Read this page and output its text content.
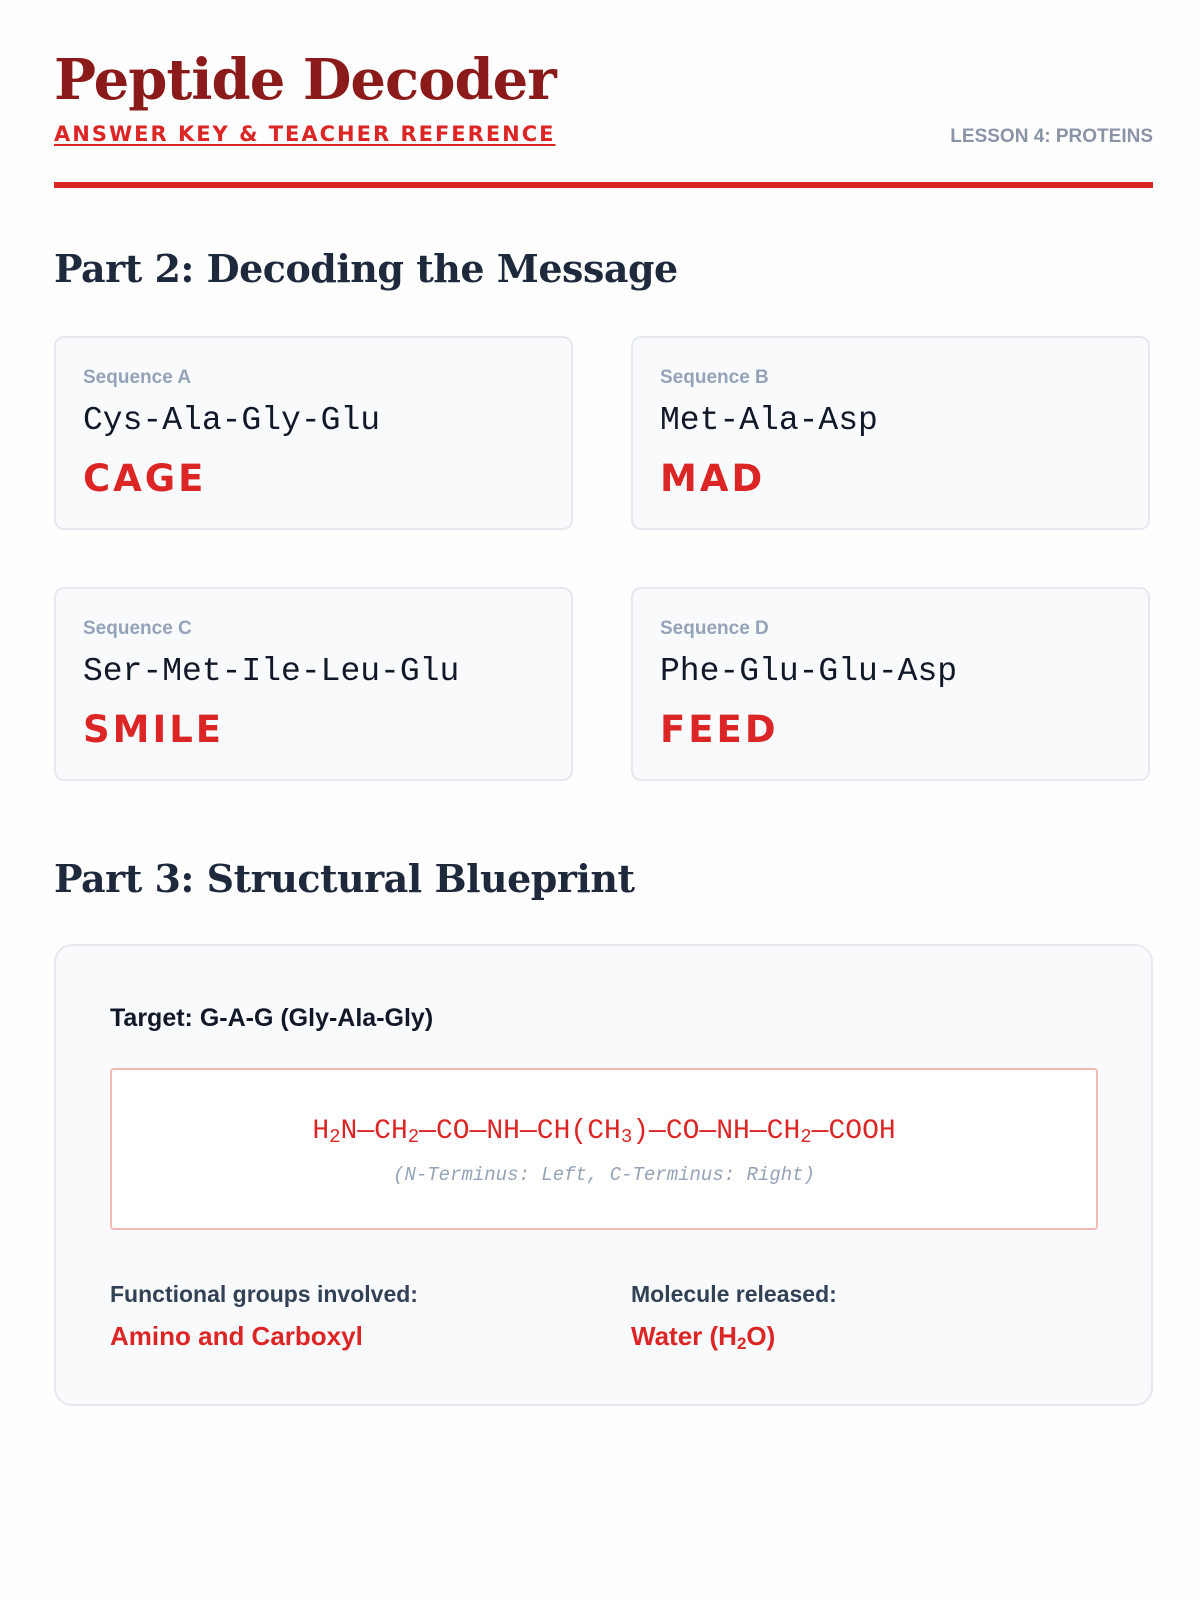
Peptide Decoder
ANSWER KEY & TEACHER REFERENCE	LESSON 4: PROTEINS
Part 2: Decoding the Message
Sequence A
Cys-Ala-Gly-Glu
CAGE
Sequence B
Met-Ala-Asp
MAD
Sequence C
Ser-Met-Ile-Leu-Glu
SMILE
Sequence D
Phe-Glu-Glu-Asp
FEED
Part 3: Structural Blueprint
Target: G-A-G (Gly-Ala-Gly)
$H_2N—CH_2—CO—NH—CH(CH_3)—CO—NH—CH_2—COOH$
(N-Terminus: Left, C-Terminus: Right)
Functional groups involved:
Amino and Carboxyl
Molecule released:
Water $(H_2O)$
